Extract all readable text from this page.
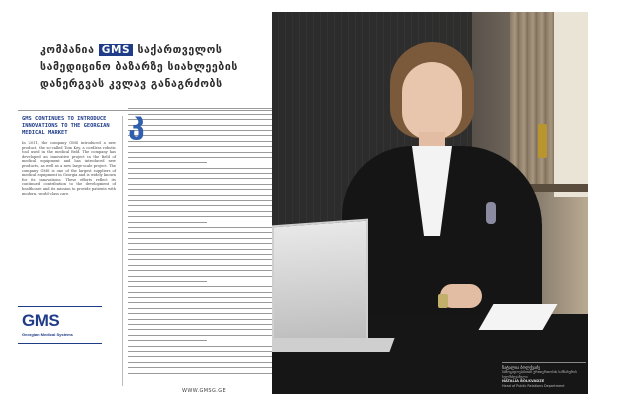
კომპანია GMS საქართველოს სამედიცინო ბაზარზე სიახლეების დანერგვას კვლავ განაგრძობს
GMS CONTINUES TO INTRODUCE INNOVATIONS TO THE GEORGIAN MEDICAL MARKET
In 2011, the company GMS introduced a new product, the so-called Tom Key, a cordless robotic tool used in the medical field. The company has developed an innovative project in the field of medical equipment and has introduced new products, as well as a new large-scale project. The company GMS is one of the largest suppliers of medical equipment in Georgia and is widely known for its innovations. These efforts reflect its continued contribution to the development of healthcare and its mission to provide patients with modern, world-class care.
GMS
Georgian Medical Systems
კ
WWW.GMSG.GE
ნატალია ბოლქვაძე
საზოგადოებასთან ურთიერთობის სამსახურის ხელმძღვანელი
NATALIA BOLKVADZE
Head of Public Relations Department
